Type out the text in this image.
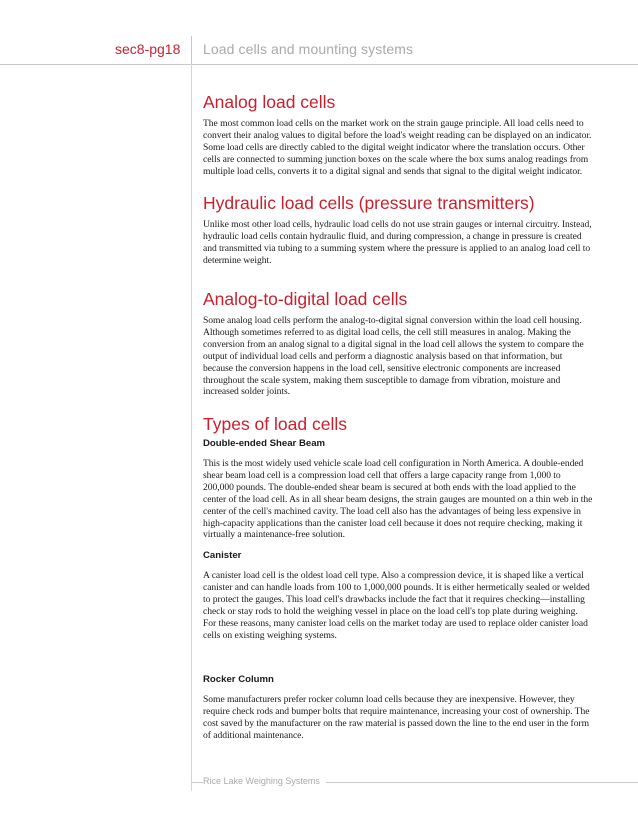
sec8-pg18 Load cells and mounting systems
Analog load cells

The most common load cells on the market work on the strain gauge principle. All load cells need to convert their analog values to digital before the load's weight reading can be displayed on an indicator. Some load cells are directly cabled to the digital weight indicator where the translation occurs. Other cells are connected to summing junction boxes on the scale where the box sums analog readings from multiple load cells, converts it to a digital signal and sends that signal to the digital weight indicator.

Hydraulic load cells (pressure transmitters)

Unlike most other load cells, hydraulic load cells do not use strain gauges or internal circuitry. Instead, hydraulic load cells contain hydraulic fluid, and during compression, a change in pressure is created and transmitted via tubing to a summing system where the pressure is applied to an analog load cell to determine weight.

Analog-to-digital load cells

Some analog load cells perform the analog-to-digital signal conversion within the load cell housing. Although sometimes referred to as digital load cells, the cell still measures in analog. Making the conversion from an analog signal to a digital signal in the load cell allows the system to compare the output of individual load cells and perform a diagnostic analysis based on that information, but because the conversion happens in the load cell, sensitive electronic components are increased throughout the scale system, making them susceptible to damage from vibration, moisture and increased solder joints.

Types of load cells
Double-ended Shear Beam

This is the most widely used vehicle scale load cell configuration in North America. A double-ended shear beam load cell is a compression load cell that offers a large capacity range from 1,000 to 200,000 pounds. The double-ended shear beam is secured at both ends with the load applied to the center of the load cell. As in all shear beam designs, the strain gauges are mounted on a thin web in the center of the cell's machined cavity. The load cell also has the advantages of being less expensive in high-capacity applications than the canister load cell because it does not require checking, making it virtually a maintenance-free solution.

Canister

A canister load cell is the oldest load cell type. Also a compression device, it is shaped like a vertical canister and can handle loads from 100 to 1,000,000 pounds. It is either hermetically sealed or welded to protect the gauges. This load cell's drawbacks include the fact that it requires checking—installing check or stay rods to hold the weighing vessel in place on the load cell's top plate during weighing. For these reasons, many canister load cells on the market today are used to replace older canister load cells on existing weighing systems.

Rocker Column

Some manufacturers prefer rocker column load cells because they are inexpensive. However, they require check rods and bumper bolts that require maintenance, increasing your cost of ownership. The cost saved by the manufacturer on the raw material is passed down the line to the end user in the form of additional maintenance.

Rice Lake Weighing Systems
